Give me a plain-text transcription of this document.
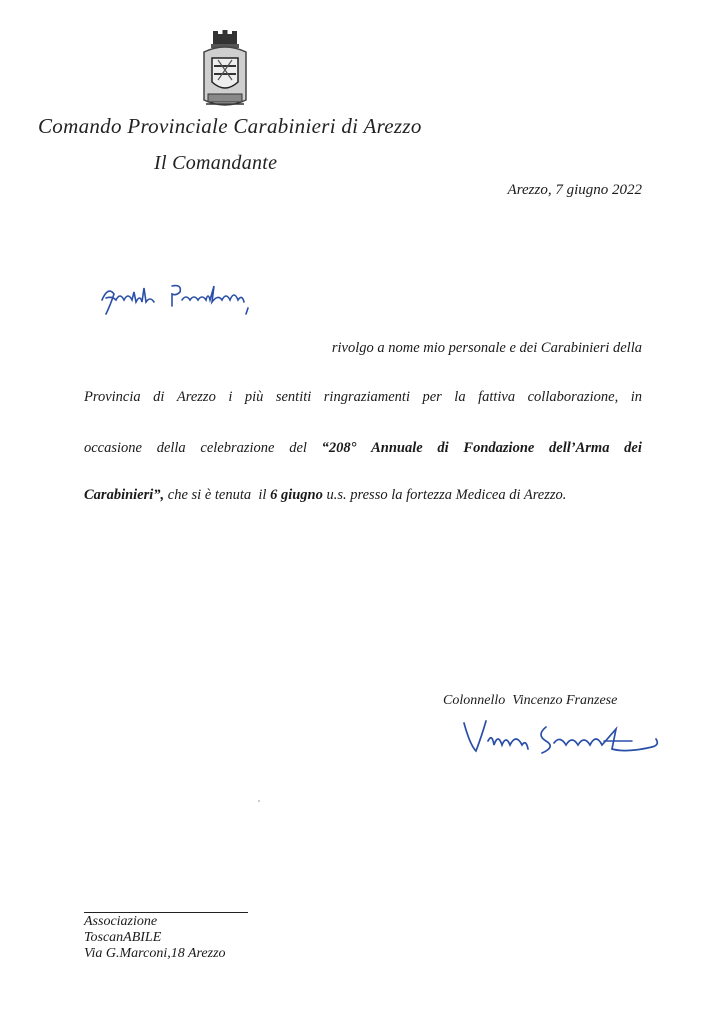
Comando Provinciale Carabinieri di Arezzo
Il Comandante
Arezzo, 7 giugno 2022
rivolgo a nome mio personale e dei Carabinieri della
Provincia di Arezzo i più sentiti ringraziamenti per la fattiva collaborazione, in
occasione della celebrazione del “208° Annuale di Fondazione dell’Arma dei
Carabinieri”, che si è tenuta  il 6 giugno u.s. presso la fortezza Medicea di Arezzo.
Colonnello  Vincenzo Franzese
Associazione
ToscanABILE
Via G.Marconi,18 Arezzo
